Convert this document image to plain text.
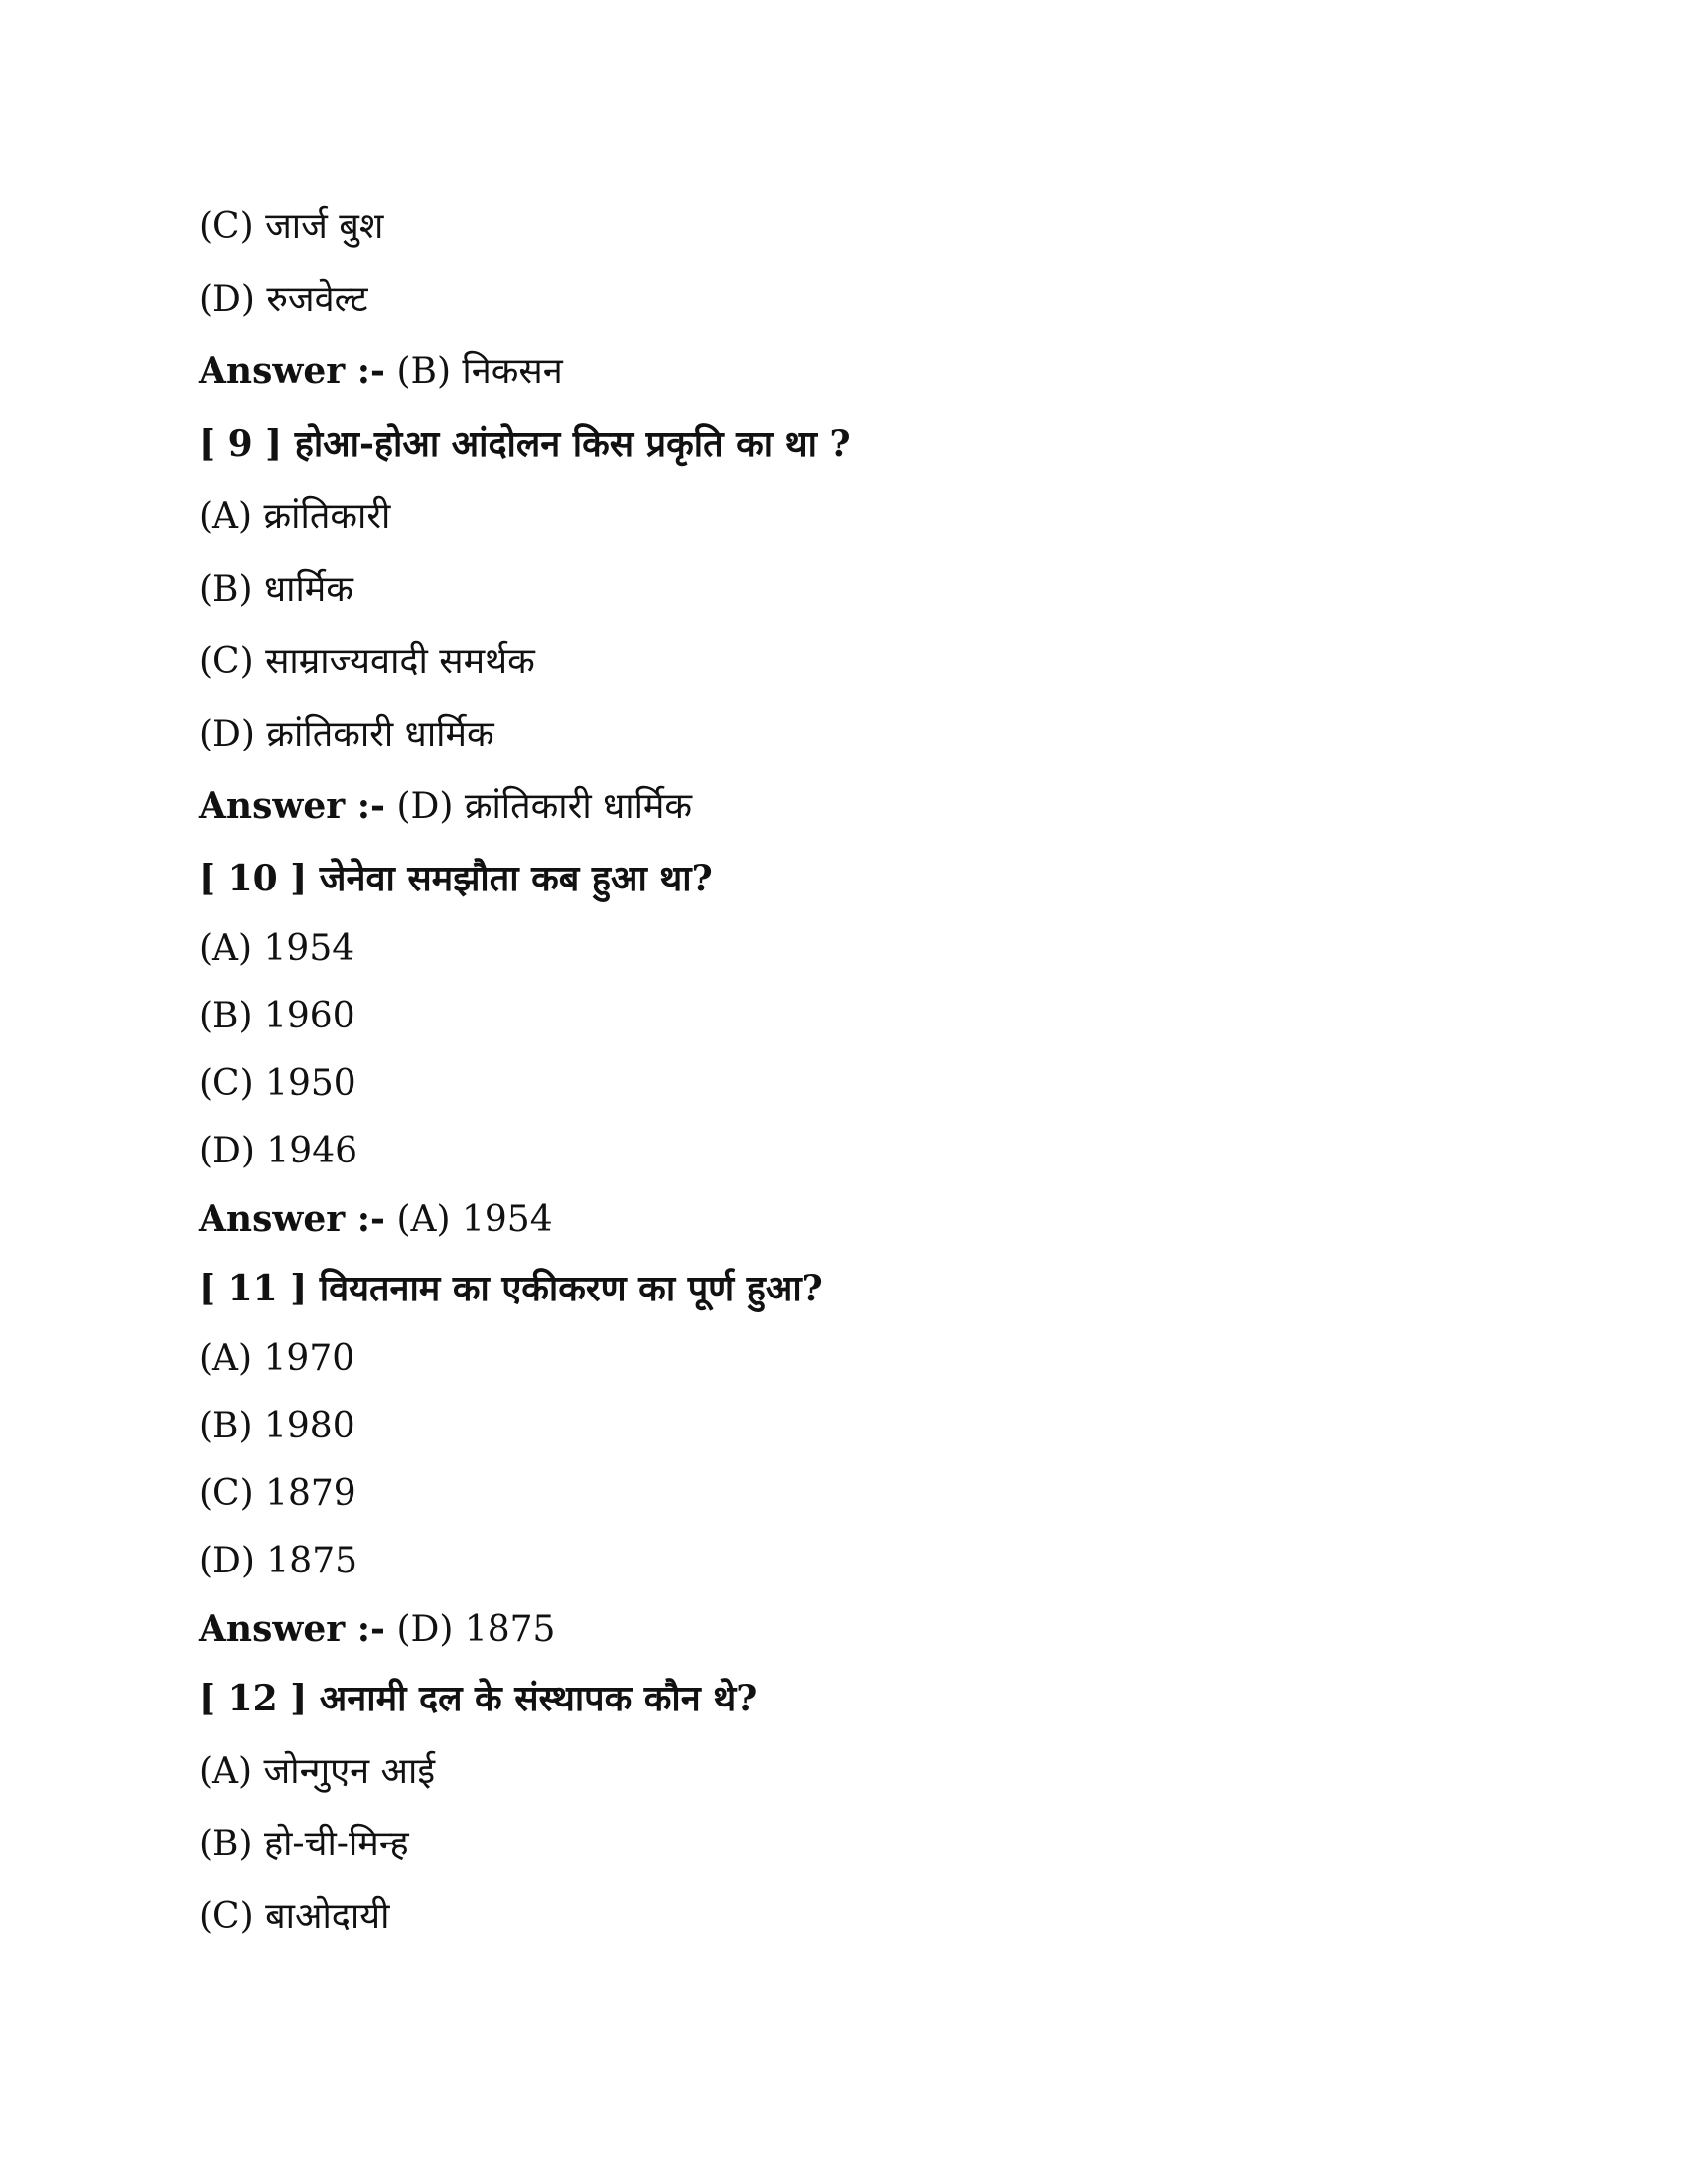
(C) जार्ज बुश
(D) रुजवेल्ट
Answer :- (B) निकसन
[ 9 ] होआ-होआ आंदोलन किस प्रकृति का था ?
(A) क्रांतिकारी
(B) धार्मिक
(C) साम्राज्यवादी समर्थक
(D) क्रांतिकारी धार्मिक
Answer :- (D) क्रांतिकारी धार्मिक
[ 10 ] जेनेवा समझौता कब हुआ था?
(A) 1954
(B) 1960
(C) 1950
(D) 1946
Answer :- (A) 1954
[ 11 ] वियतनाम का एकीकरण का पूर्ण हुआ?
(A) 1970
(B) 1980
(C) 1879
(D) 1875
Answer :- (D) 1875
[ 12 ] अनामी दल के संस्थापक कौन थे?
(A) जोन्गुएन आई
(B) हो-ची-मिन्ह
(C) बाओदायी
